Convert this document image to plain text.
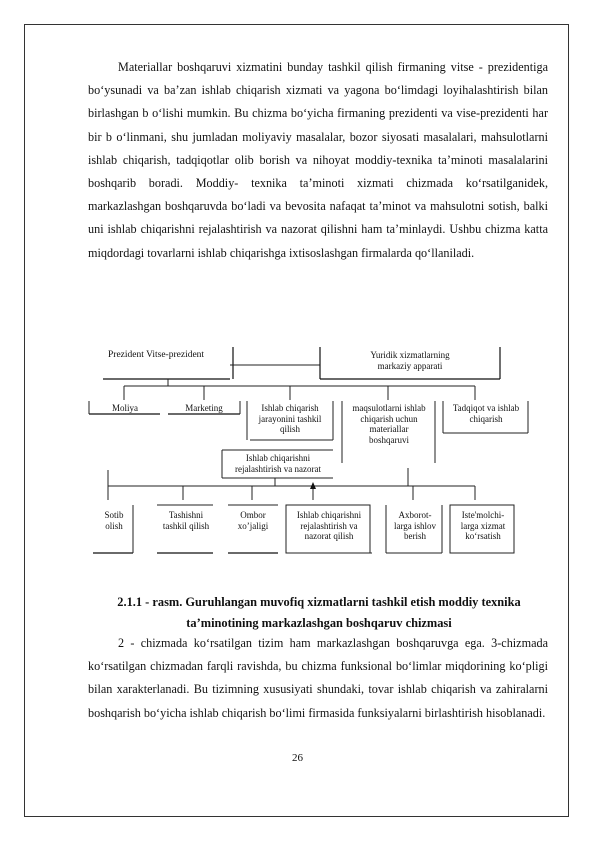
Materiallar boshqaruvi xizmatini bunday tashkil qilish firmaning vitse - prezidentiga bo‘ysunadi va ba’zan ishlab chiqarish xizmati va yagona bo‘limdagi loyihalashtirish bilan birlashgan b o‘lishi mumkin. Bu chizma bo‘yicha firmaning prezidenti va vise-prezidenti har bir b o‘linmani, shu jumladan moliyaviy masalalar, bozor siyosati masalalari, mahsulotlarni ishlab chiqarish, tadqiqotlar olib borish va nihoyat moddiy-texnika ta’minoti masalalarini boshqarib boradi. Moddiy- texnika ta’minoti xizmati chizmada ko‘rsatilganidek, markazlashgan boshqaruvda bo‘ladi va bevosita nafaqat ta’minot va mahsulotni sotish, balki uni ishlab chiqarishni rejalashtirish va nazorat qilishni ham ta’minlaydi. Ushbu chizma katta miqdordagi tovarlarni ishlab chiqarishga ixtisoslashgan firmalarda qo‘llaniladi.

Prezident Vitse-prezident	Yuridik xizmatlarning
markaziy apparati
Moliya	Marketing	Ishlab chiqarish
jarayonini tashkil
qilish
maqsulotlarni ishlab
chiqarish uchun
materiallar
boshqaruvi
Tadqiqot va ishlab
chiqarish
Ishlab chiqarishni
rejalashtirish va nazorat
Sotib
olish
Tashishni
tashkil qilish
Ombor
xo’jaligi
Ishlab chiqarishni
rejalashtirish va
nazorat qilish
Axborot-
larga ishlov
berish
Iste'molchi-
larga xizmat
ko‘rsatish

2.1.1 - rasm. Guruhlangan muvofiq xizmatlarni tashkil etish moddiy texnika
ta’minotining markazlashgan boshqaruv chizmasi

2 - chizmada ko‘rsatilgan tizim ham markazlashgan boshqaruvga ega. 3-chizmada ko‘rsatilgan chizmadan farqli ravishda, bu chizma funksional bo‘limlar miqdorining ko‘pligi bilan xarakterlanadi. Bu tizimning xususiyati shundaki, tovar ishlab chiqarish va zahiralarni boshqarish bo‘yicha ishlab chiqarish bo‘limi firmasida funksiyalarni birlashtirish hisoblanadi.

26
